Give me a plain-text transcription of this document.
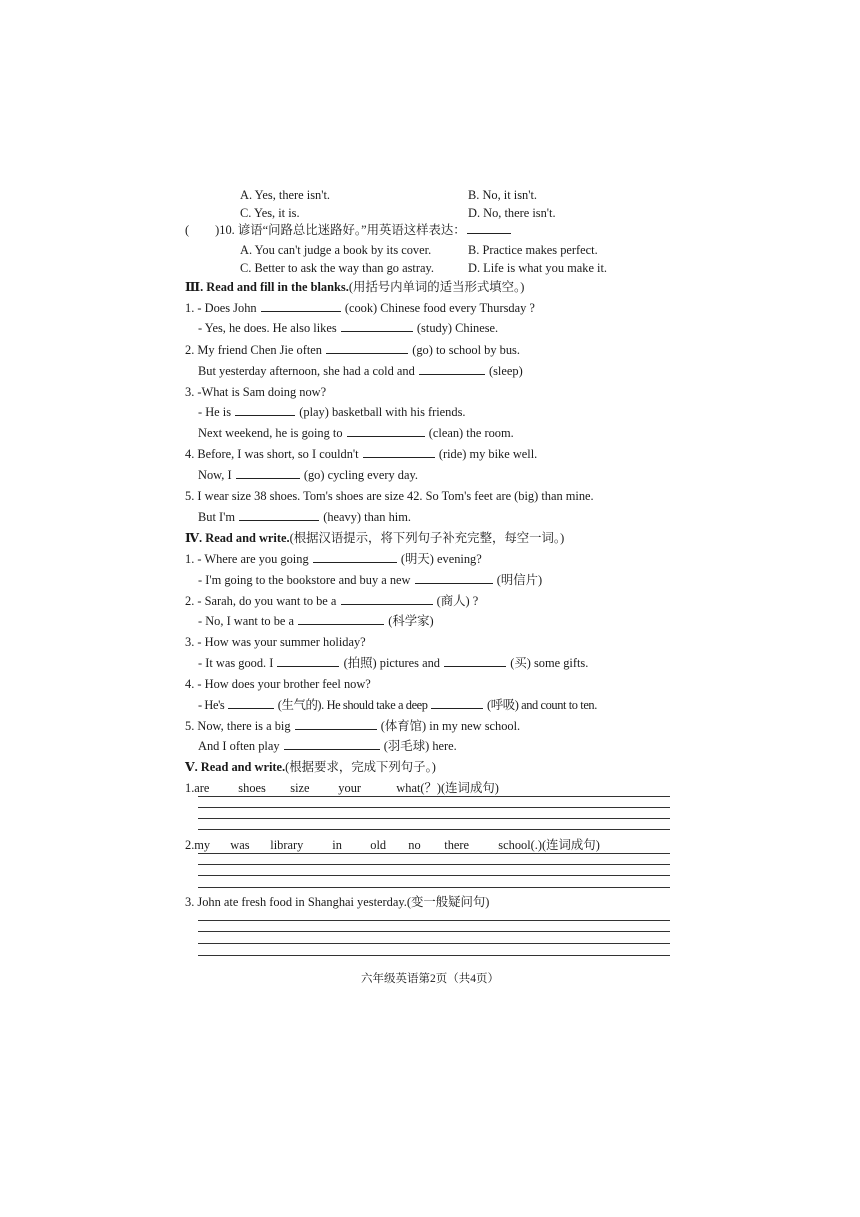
A. Yes, there isn't.	B. No, it isn't.
C. Yes, it is.	D. No, there isn't.
( )10. 谚语“问路总比迷路好。”用英语这样表达：
A. You can't judge a book by its cover.	B. Practice makes perfect.
C. Better to ask the way than go astray.	D. Life is what you make it.
Ⅲ. Read and fill in the blanks.(用括号内单词的适当形式填空。)
1. - Does John	(cook) Chinese food every Thursday ?
- Yes, he does. He also likes	(study) Chinese.
2. My friend Chen Jie often	(go) to school by bus.
But yesterday afternoon, she had a cold and	(sleep)
3. -What is Sam doing now?
- He is	(play) basketball with his friends.
Next weekend, he is going to	(clean) the room.
4. Before, I was short, so I couldn't	(ride) my bike well.
Now, I	(go) cycling every day.
5. I wear size 38 shoes. Tom's shoes are size 42. So Tom's feet are (big) than mine.
But I'm	(heavy) than him.
Ⅳ. Read and write.(根据汉语提示，将下列句子补充完整，每空一词。)
1. - Where are you going	(明天) evening?
- I'm going to the bookstore and buy a new	(明信片)
2. - Sarah, do you want to be a	(商人) ?
- No, I want to be a	(科学家)
3. - How was your summer holiday?
- It was good. I	(拍照) pictures and	(买) some gifts.
4. - How does your brother feel now?
- He's	(生气的). He should take a deep	(呼吸) and count to ten.
5. Now, there is a big	(体育馆) in my new school.
And I often play	(羽毛球) here.
Ⅴ. Read and write.(根据要求，完成下列句子。)
1.are shoes size your	what(？)(连词成句)
2.my was library in old no there school(.)(连词成句)
3. John ate fresh food in Shanghai yesterday.(变一般疑问句)
六年级英语第2页（共4页）
